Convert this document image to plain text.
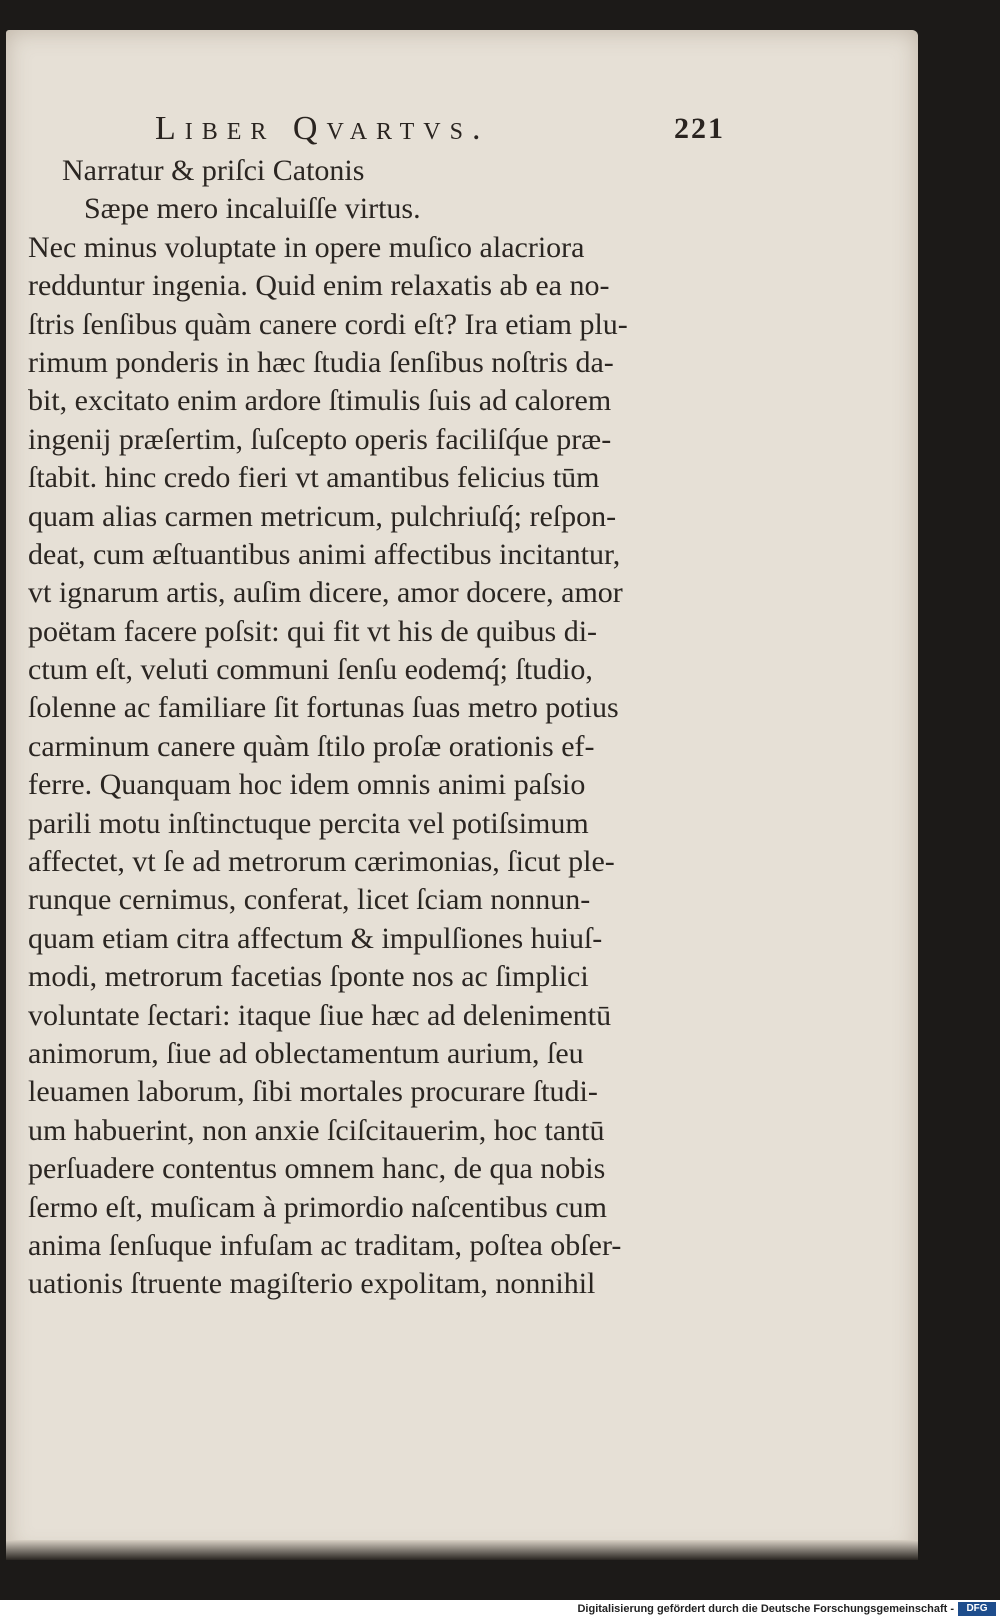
Liber Qvartvs.	221
Narratur & priſci Catonis
Sæpe mero incaluiſſe virtus.
Nec minus voluptate in opere muſico alacriora
redduntur ingenia. Quid enim relaxatis ab ea no-
ſtris ſenſibus quàm canere cordi eſt? Ira etiam plu-
rimum ponderis in hæc ſtudia ſenſibus noſtris da-
bit, excitato enim ardore ſtimulis ſuis ad calorem
ingenij præſertim, ſuſcepto operis faciliſq́ue præ-
ſtabit. hinc credo fieri vt amantibus felicius tūm
quam alias carmen metricum, pulchriuſq́; reſpon-
deat, cum æſtuantibus animi affectibus incitantur,
vt ignarum artis, auſim dicere, amor docere, amor
poëtam facere poſsit: qui fit vt his de quibus di-
ctum eſt, veluti communi ſenſu eodemq́; ſtudio,
ſolenne ac familiare ſit fortunas ſuas metro potius
carminum canere quàm ſtilo proſæ orationis ef-
ferre. Quanquam hoc idem omnis animi paſsio
parili motu inſtinctuque percita vel potiſsimum
affectet, vt ſe ad metrorum cærimonias, ſicut ple-
runque cernimus, conferat, licet ſciam nonnun-
quam etiam citra affectum & impulſiones huiuſ-
modi, metrorum facetias ſponte nos ac ſimplici
voluntate ſectari: itaque ſiue hæc ad delenimentū
animorum, ſiue ad oblectamentum aurium, ſeu
leuamen laborum, ſibi mortales procurare ſtudi-
um habuerint, non anxie ſciſcitauerim, hoc tantū
perſuadere contentus omnem hanc, de qua nobis
ſermo eſt, muſicam à primordio naſcentibus cum
anima ſenſuque infuſam ac traditam, poſtea obſer-
uationis ſtruente magiſterio expolitam, nonnihil
Digitalisierung gefördert durch die Deutsche Forschungsgemeinschaft -	DFG
